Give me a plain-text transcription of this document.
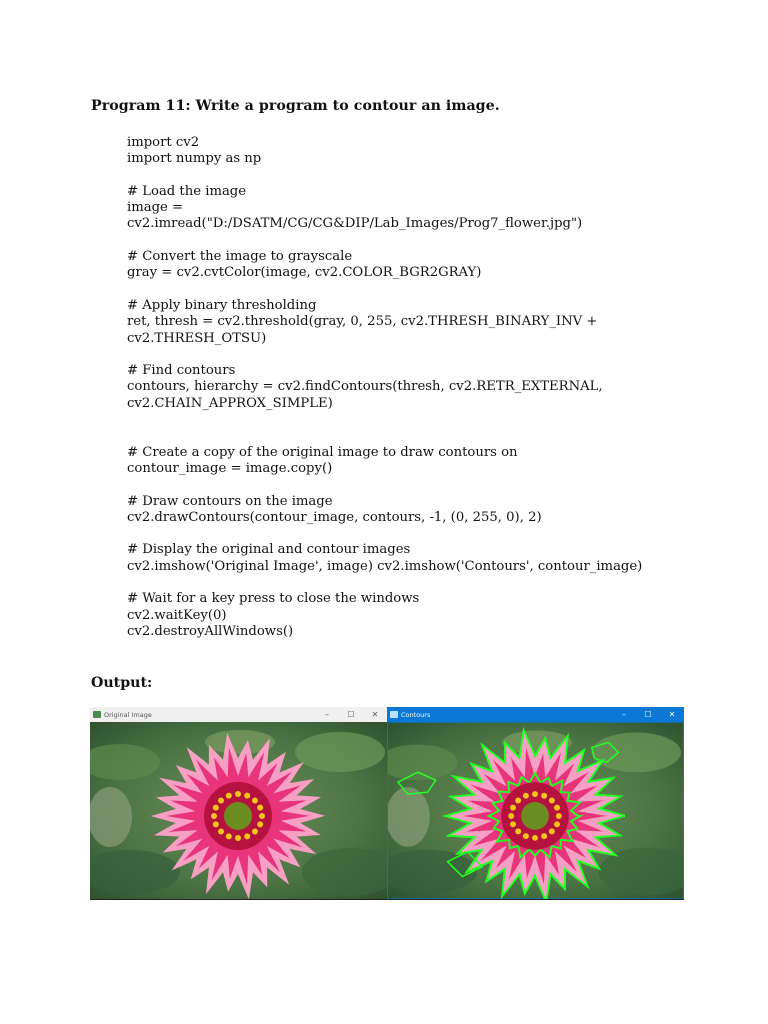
Program 11: Write a program to contour an image.
import cv2
import numpy as np
# Load the image
image =
cv2.imread("D:/DSATM/CG/CG&DIP/Lab_Images/Prog7_flower.jpg")
# Convert the image to grayscale
gray = cv2.cvtColor(image, cv2.COLOR_BGR2GRAY)
# Apply binary thresholding
ret, thresh = cv2.threshold(gray, 0, 255, cv2.THRESH_BINARY_INV +
cv2.THRESH_OTSU)
# Find contours
contours, hierarchy = cv2.findContours(thresh, cv2.RETR_EXTERNAL,
cv2.CHAIN_APPROX_SIMPLE)
# Create a copy of the original image to draw contours on
contour_image = image.copy()
# Draw contours on the image
cv2.drawContours(contour_image, contours, -1, (0, 255, 0), 2)
# Display the original and contour images
cv2.imshow('Original Image', image) cv2.imshow('Contours', contour_image)
# Wait for a key press to close the windows
cv2.waitKey(0)
cv2.destroyAllWindows()
Output:
Original Image	–	☐	✕	Contours	–	☐	✕
